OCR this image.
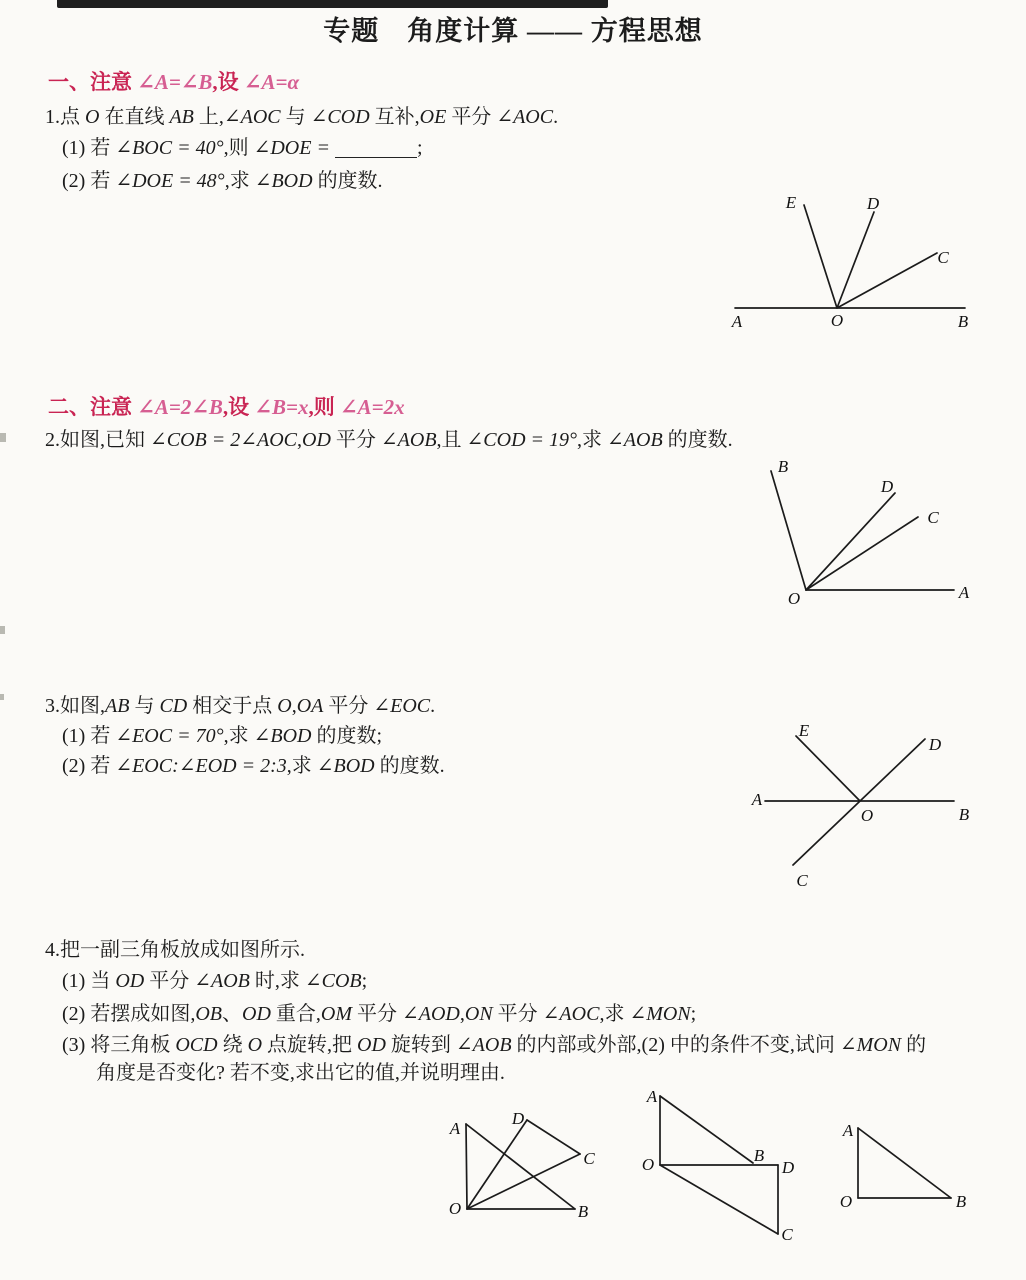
专题　角度计算 —— 方程思想
一、注意 ∠A=∠B,设 ∠A=α
1.点 O 在直线 AB 上,∠AOC 与 ∠COD 互补,OE 平分 ∠AOC.
(1) 若 ∠BOC = 40°,则 ∠DOE =	;
(2) 若 ∠DOE = 48°,求 ∠BOD 的度数.
E	D
C
A	O	B
二、注意 ∠A=2∠B,设 ∠B=x,则 ∠A=2x
2.如图,已知 ∠COB = 2∠AOC,OD 平分 ∠AOB,且 ∠COD = 19°,求 ∠AOB 的度数.
B
D
C
A
O
3.如图,AB 与 CD 相交于点 O,OA 平分 ∠EOC.
(1) 若 ∠EOC = 70°,求 ∠BOD 的度数;
(2) 若 ∠EOC:∠EOD = 2:3,求 ∠BOD 的度数.
E
D
A
O	B
C
4.把一副三角板放成如图所示.
(1) 当 OD 平分 ∠AOB 时,求 ∠COB;
(2) 若摆成如图,OB、OD 重合,OM 平分 ∠AOD,ON 平分 ∠AOC,求 ∠MON;
(3) 将三角板 OCD 绕 O 点旋转,把 OD 旋转到 ∠AOB 的内部或外部,(2) 中的条件不变,试问 ∠MON 的
角度是否变化? 若不变,求出它的值,并说明理由.
A
D
C
O	B
A
O	B
D
C
A
O	B
